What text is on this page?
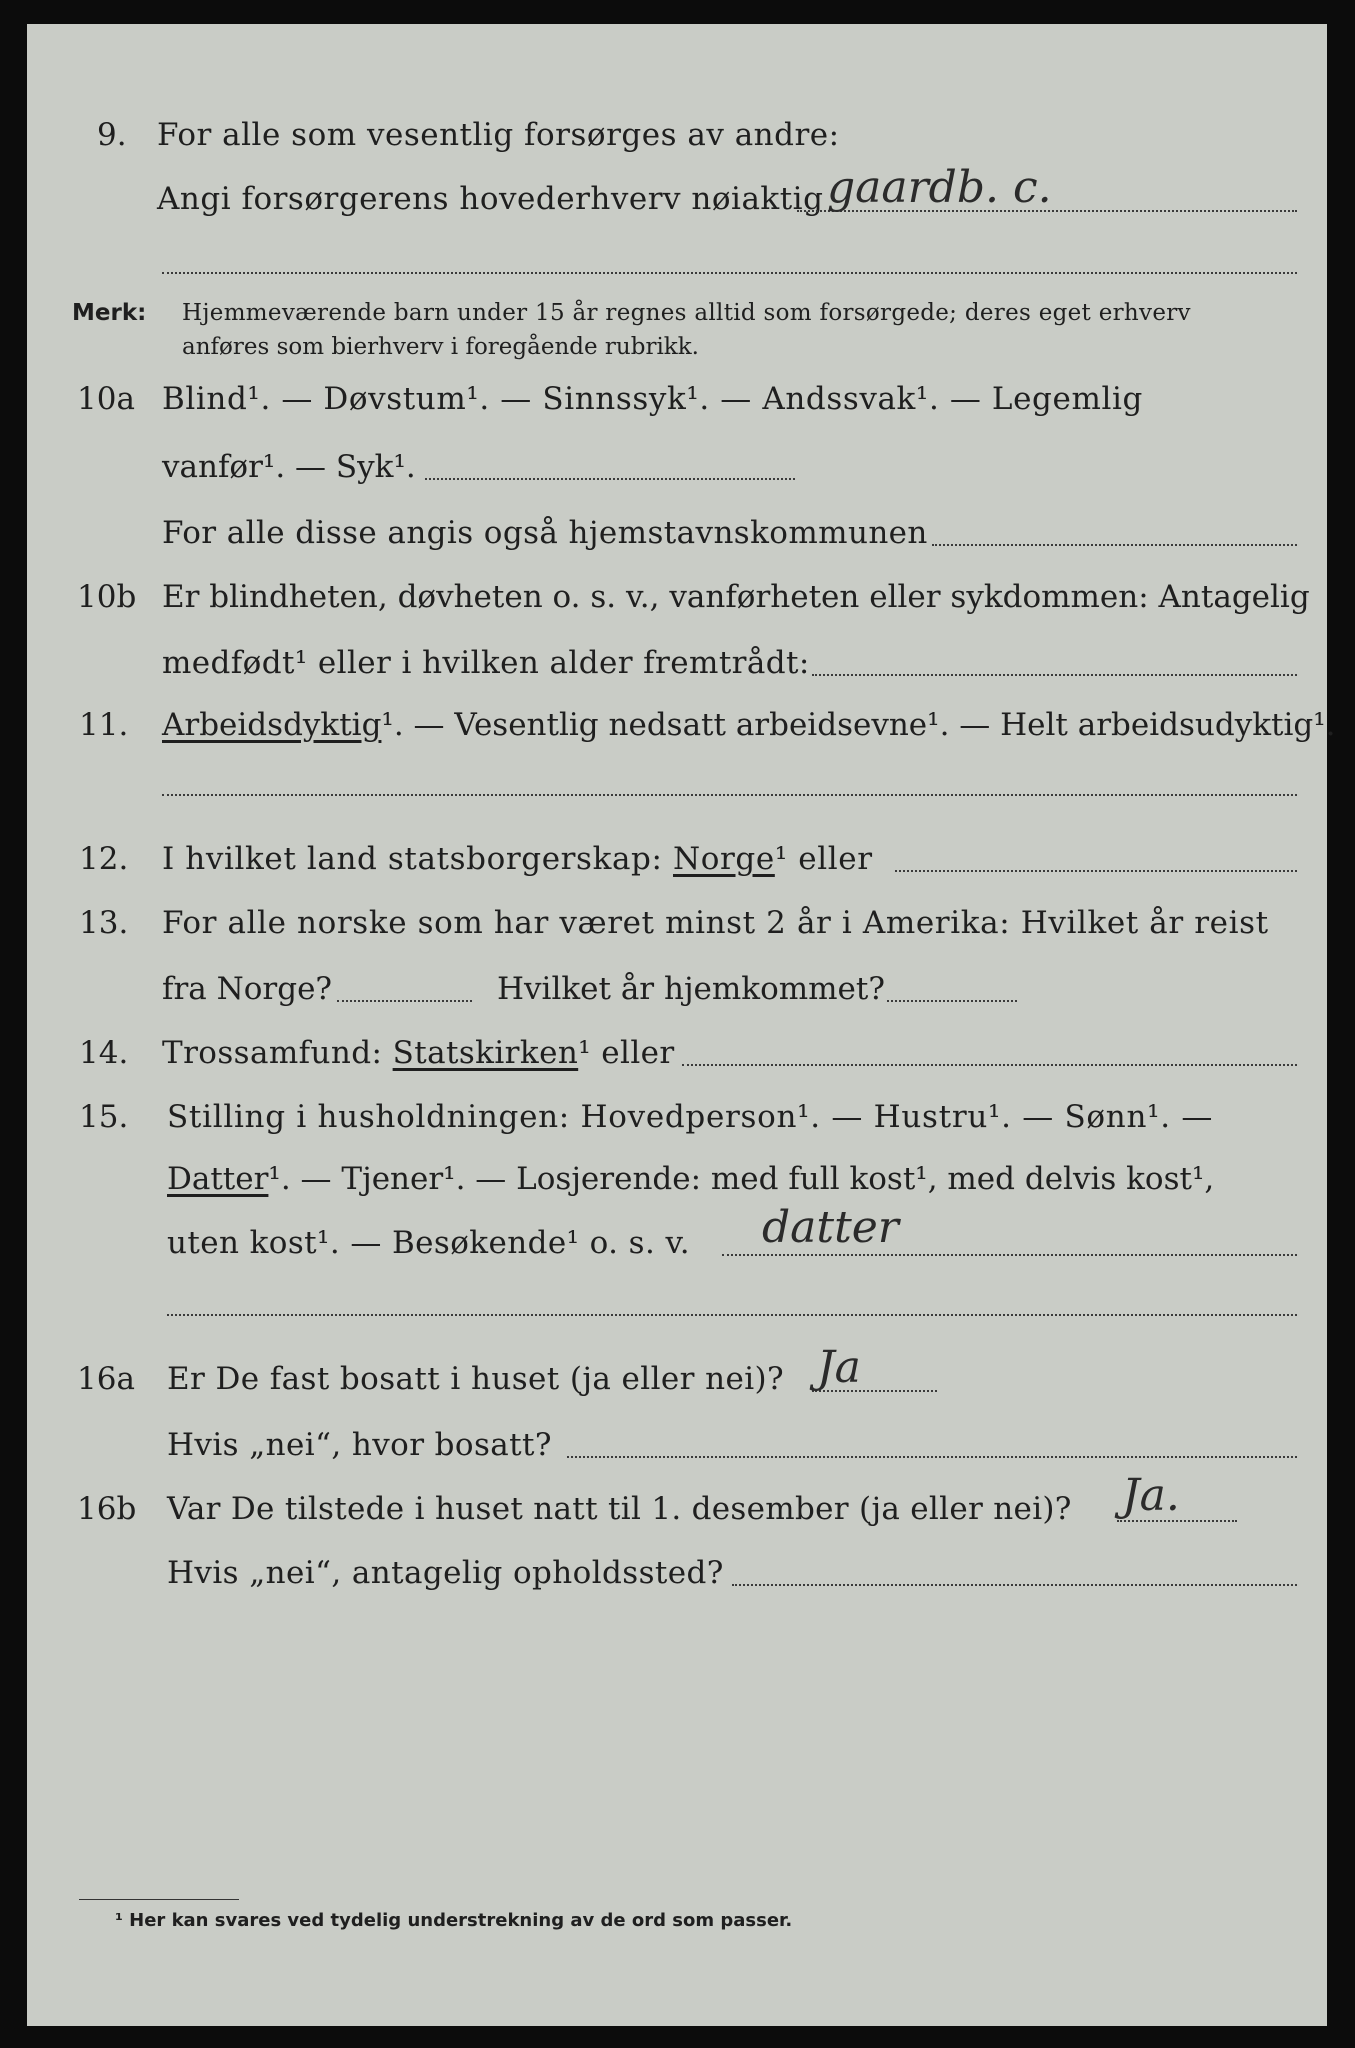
9. For alle som vesentlig forsørges av andre:
Angi forsørgerens hovederhverv nøiaktig gaardb. c.
Merk: Hjemmeværende barn under 15 år regnes alltid som forsørgede; deres eget erhverv
anføres som bierhverv i foregående rubrikk.
10a Blind¹. — Døvstum¹. — Sinnssyk¹. — Andssvak¹. — Legemlig
vanfør¹. — Syk¹.
For alle disse angis også hjemstavnskommunen
10b Er blindheten, døvheten o. s. v., vanførheten eller sykdommen: Antagelig
medfødt¹ eller i hvilken alder fremtrådt:
11. Arbeidsdyktig¹. — Vesentlig nedsatt arbeidsevne¹. — Helt arbeidsudyktig¹.
12. I hvilket land statsborgerskap: Norge¹ eller
13. For alle norske som har været minst 2 år i Amerika: Hvilket år reist
fra Norge?	Hvilket år hjemkommet?
14. Trossamfund: Statskirken¹ eller
15. Stilling i husholdningen: Hovedperson¹. — Hustru¹. — Sønn¹. —
Datter¹. — Tjener¹. — Losjerende: med full kost¹, med delvis kost¹,
uten kost¹. — Besøkende¹ o. s. v. datter
16a Er De fast bosatt i huset (ja eller nei)? Ja
Hvis „nei“, hvor bosatt?
16b Var De tilstede i huset natt til 1. desember (ja eller nei)? Ja.
Hvis „nei“, antagelig opholdssted?
¹ Her kan svares ved tydelig understrekning av de ord som passer.
